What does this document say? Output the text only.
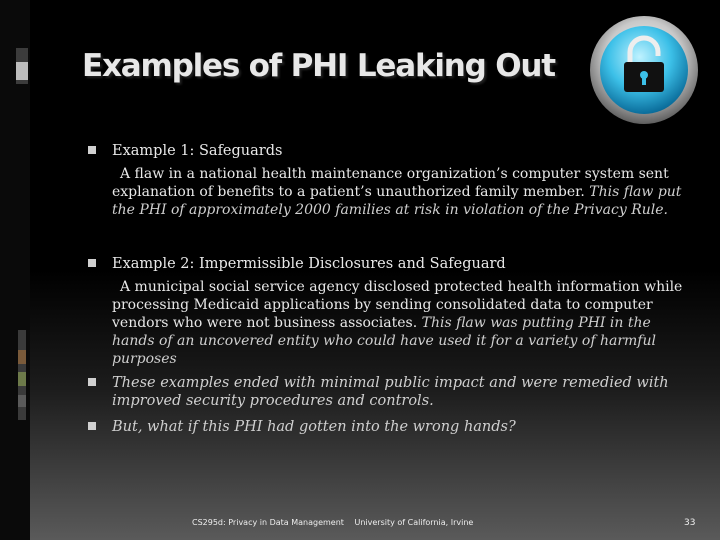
Examples of PHI Leaking Out
Example 1: Safeguards
A flaw in a national health maintenance organization’s computer system sent explanation of benefits to a patient’s unauthorized family member. This flaw put the PHI of approximately 2000 families at risk in violation of the Privacy Rule.
Example 2: Impermissible Disclosures and Safeguard
A municipal social service agency disclosed protected health information while processing Medicaid applications by sending consolidated data to computer vendors who were not business associates. This flaw was putting PHI in the hands of an uncovered entity who could have used it for a variety of harmful purposes
These examples ended with minimal public impact and were remedied with improved security procedures and controls.
But, what if this PHI had gotten into the wrong hands?
CS295d: Privacy in Data Management University of California, Irvine	33
